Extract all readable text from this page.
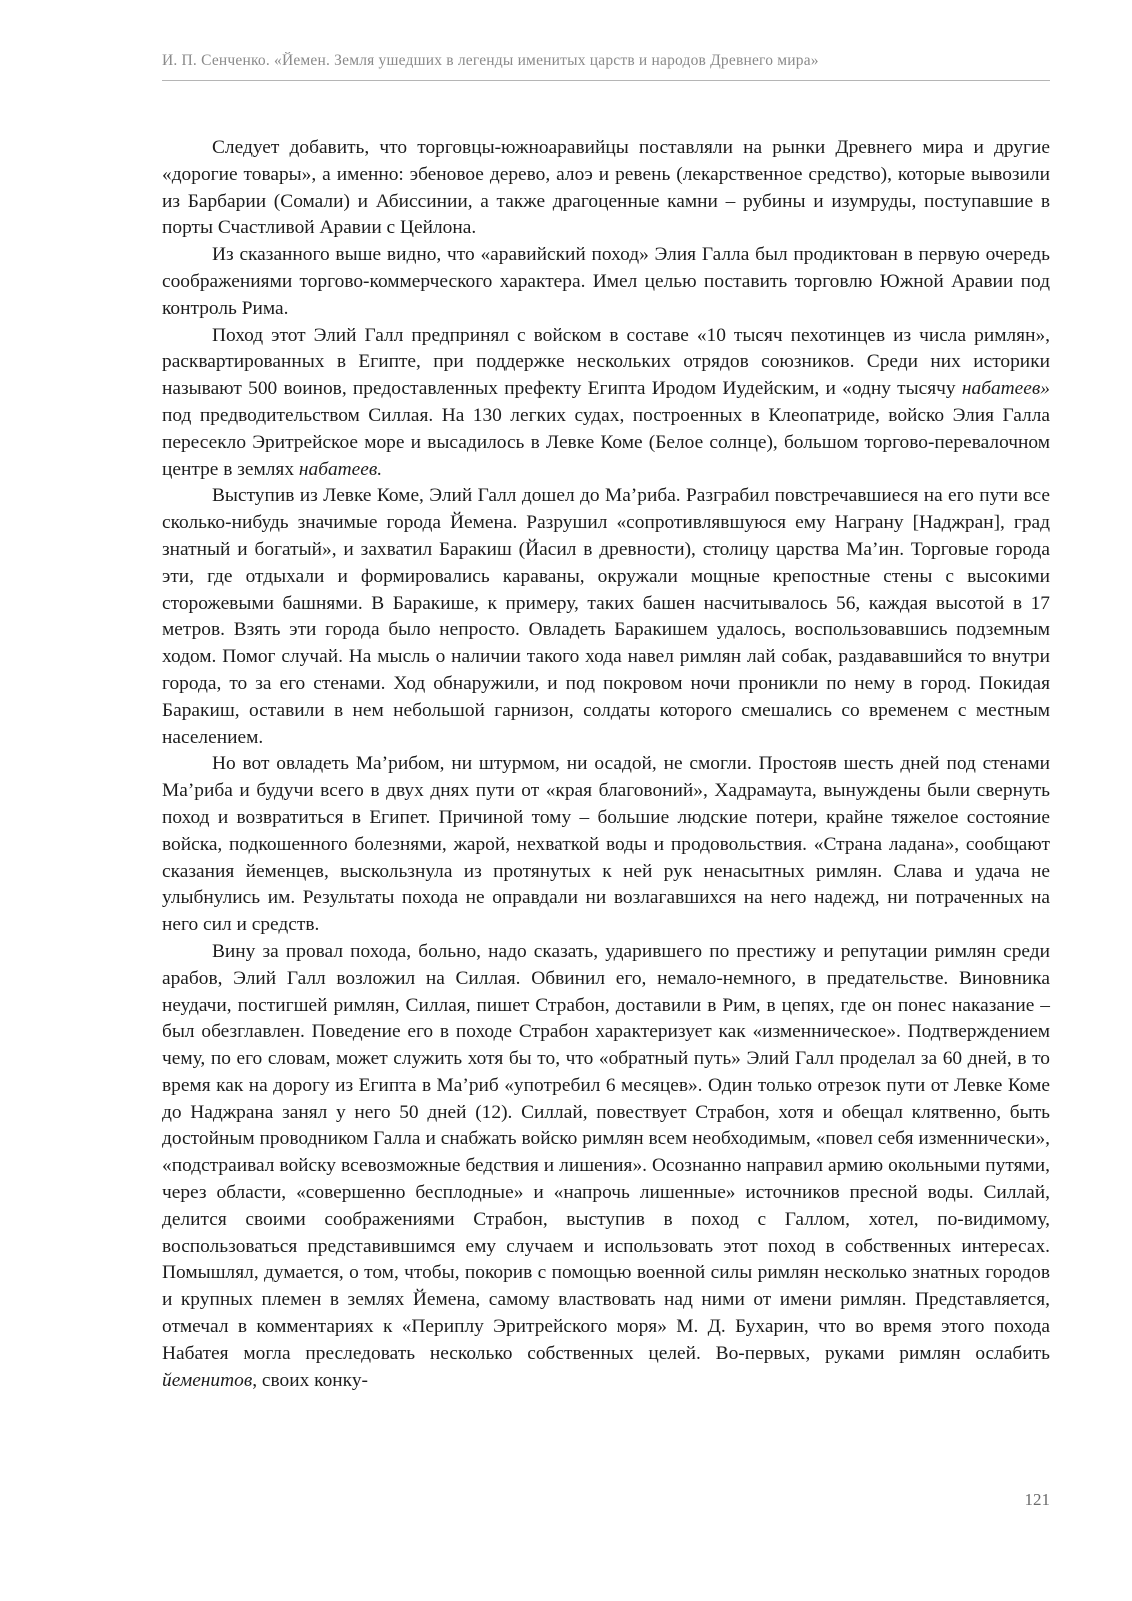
И. П. Сенченко. «Йемен. Земля ушедших в легенды именитых царств и народов Древнего мира»

Следует добавить, что торговцы-южноаравийцы поставляли на рынки Древнего мира и другие «дорогие товары», а именно: эбеновое дерево, алоэ и ревень (лекарственное средство), которые вывозили из Барбарии (Сомали) и Абиссинии, а также драгоценные камни – рубины и изумруды, поступавшие в порты Счастливой Аравии с Цейлона.

Из сказанного выше видно, что «аравийский поход» Элия Галла был продиктован в первую очередь соображениями торгово-коммерческого характера. Имел целью поставить торговлю Южной Аравии под контроль Рима.

Поход этот Элий Галл предпринял с войском в составе «10 тысяч пехотинцев из числа римлян», расквартированных в Египте, при поддержке нескольких отрядов союзников. Среди них историки называют 500 воинов, предоставленных префекту Египта Иродом Иудейским, и «одну тысячу набатеев» под предводительством Силлая. На 130 легких судах, построенных в Клеопатриде, войско Элия Галла пересекло Эритрейское море и высадилось в Левке Коме (Белое солнце), большом торгово-перевалочном центре в землях набатеев.

Выступив из Левке Коме, Элий Галл дошел до Ма’риба. Разграбил повстречавшиеся на его пути все сколько-нибудь значимые города Йемена. Разрушил «сопротивлявшуюся ему Награну [Наджран], град знатный и богатый», и захватил Баракиш (Йасил в древности), столицу царства Ма’ин. Торговые города эти, где отдыхали и формировались караваны, окружали мощные крепостные стены с высокими сторожевыми башнями. В Баракише, к примеру, таких башен насчитывалось 56, каждая высотой в 17 метров. Взять эти города было непросто. Овладеть Баракишем удалось, воспользовавшись подземным ходом. Помог случай. На мысль о наличии такого хода навел римлян лай собак, раздававшийся то внутри города, то за его стенами. Ход обнаружили, и под покровом ночи проникли по нему в город. Покидая Баракиш, оставили в нем небольшой гарнизон, солдаты которого смешались со временем с местным населением.

Но вот овладеть Ма’рибом, ни штурмом, ни осадой, не смогли. Простояв шесть дней под стенами Ма’риба и будучи всего в двух днях пути от «края благовоний», Хадрамаута, вынуждены были свернуть поход и возвратиться в Египет. Причиной тому – большие людские потери, крайне тяжелое состояние войска, подкошенного болезнями, жарой, нехваткой воды и продовольствия. «Страна ладана», сообщают сказания йеменцев, выскользнула из протянутых к ней рук ненасытных римлян. Слава и удача не улыбнулись им. Результаты похода не оправдали ни возлагавшихся на него надежд, ни потраченных на него сил и средств.

Вину за провал похода, больно, надо сказать, ударившего по престижу и репутации римлян среди арабов, Элий Галл возложил на Силлая. Обвинил его, немало-немного, в предательстве. Виновника неудачи, постигшей римлян, Силлая, пишет Страбон, доставили в Рим, в цепях, где он понес наказание – был обезглавлен. Поведение его в походе Страбон характеризует как «изменническое». Подтверждением чему, по его словам, может служить хотя бы то, что «обратный путь» Элий Галл проделал за 60 дней, в то время как на дорогу из Египта в Ма’риб «употребил 6 месяцев». Один только отрезок пути от Левке Коме до Наджрана занял у него 50 дней (12). Силлай, повествует Страбон, хотя и обещал клятвенно, быть достойным проводником Галла и снабжать войско римлян всем необходимым, «повел себя изменнически», «подстраивал войску всевозможные бедствия и лишения». Осознанно направил армию окольными путями, через области, «совершенно бесплодные» и «напрочь лишенные» источников пресной воды. Силлай, делится своими соображениями Страбон, выступив в поход с Галлом, хотел, по-видимому, воспользоваться представившимся ему случаем и использовать этот поход в собственных интересах. Помышлял, думается, о том, чтобы, покорив с помощью военной силы римлян несколько знатных городов и крупных племен в землях Йемена, самому властвовать над ними от имени римлян. Представляется, отмечал в комментариях к «Периплу Эритрейского моря» М. Д. Бухарин, что во время этого похода Набатея могла преследовать несколько собственных целей. Во-первых, руками римлян ослабить йеменитов, своих конку-

121
